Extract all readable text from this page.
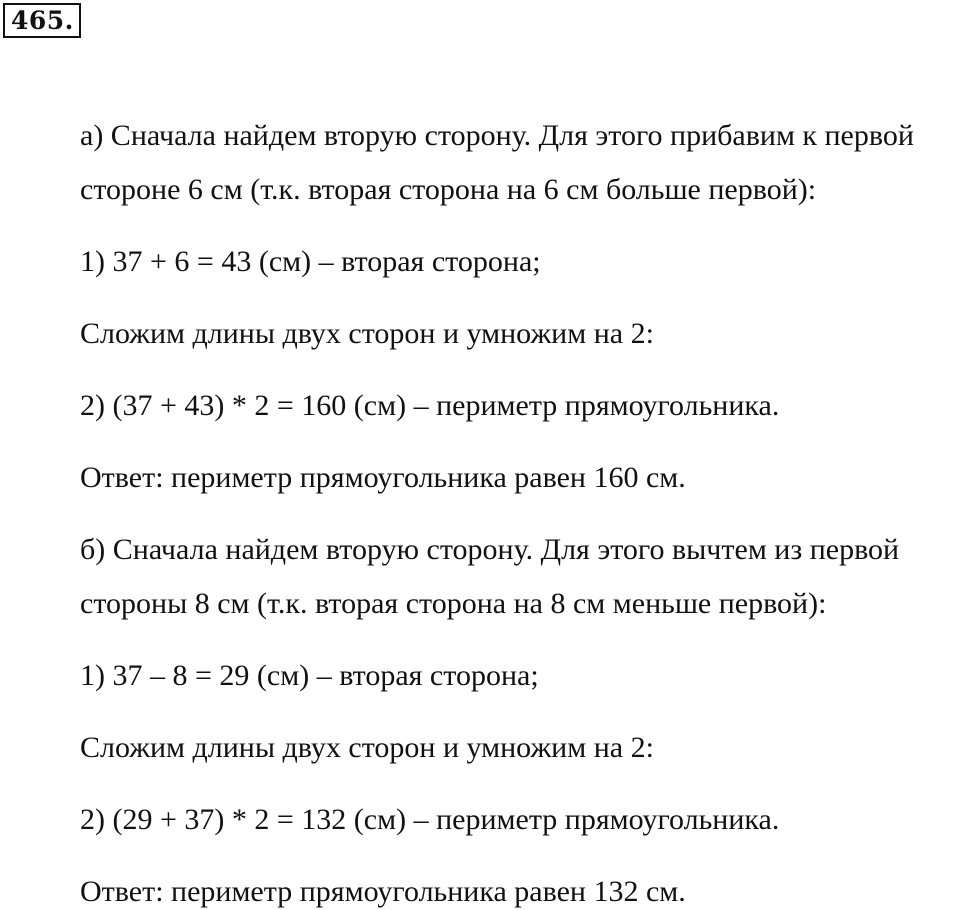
465.
а) Сначала найдем вторую сторону. Для этого прибавим к первой
стороне 6 см (т.к. вторая сторона на 6 см больше первой):
1) 37 + 6 = 43 (см) – вторая сторона;
Сложим длины двух сторон и умножим на 2:
2) (37 + 43) * 2 = 160 (см) – периметр прямоугольника.
Ответ: периметр прямоугольника равен 160 см.
б) Сначала найдем вторую сторону. Для этого вычтем из первой
стороны 8 см (т.к. вторая сторона на 8 см меньше первой):
1) 37 – 8 = 29 (см) – вторая сторона;
Сложим длины двух сторон и умножим на 2:
2) (29 + 37) * 2 = 132 (см) – периметр прямоугольника.
Ответ: периметр прямоугольника равен 132 см.
